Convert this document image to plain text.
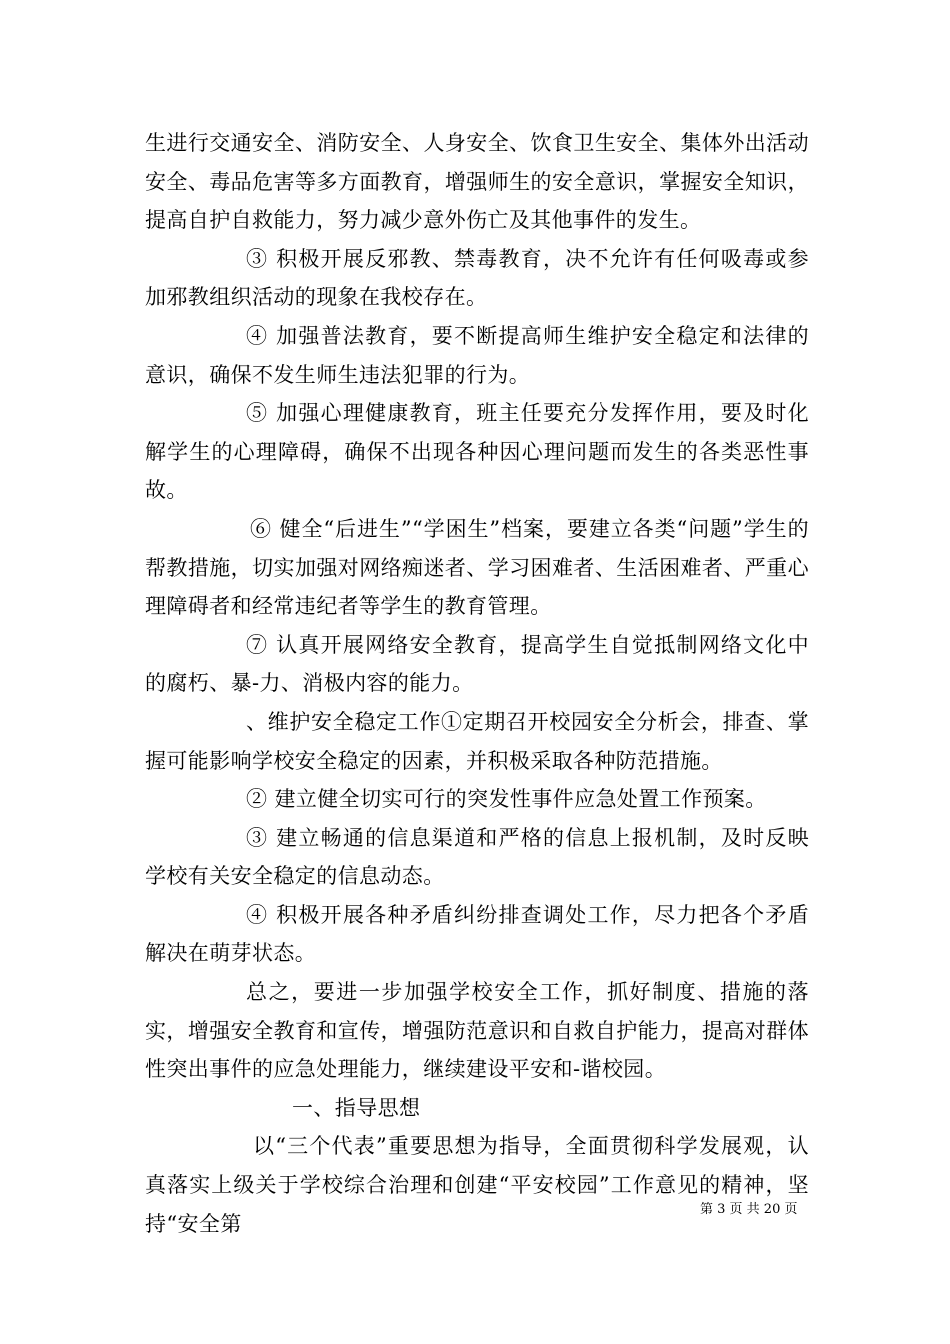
生进行交通安全、消防安全、人身安全、饮食卫生安全、集体外出活动安全、毒品危害等多方面教育，增强师生的安全意识，掌握安全知识，提高自护自救能力，努力减少意外伤亡及其他事件的发生。

③ 积极开展反邪教、禁毒教育，决不允许有任何吸毒或参加邪教组织活动的现象在我校存在。

④ 加强普法教育，要不断提高师生维护安全稳定和法律的意识，确保不发生师生违法犯罪的行为。

⑤ 加强心理健康教育，班主任要充分发挥作用，要及时化解学生的心理障碍，确保不出现各种因心理问题而发生的各类恶性事故。

⑥ 健全“后进生”“学困生”档案，要建立各类“问题”学生的帮教措施，切实加强对网络痴迷者、学习困难者、生活困难者、严重心理障碍者和经常违纪者等学生的教育管理。

⑦ 认真开展网络安全教育，提高学生自觉抵制网络文化中的腐朽、暴-力、消极内容的能力。

、维护安全稳定工作①定期召开校园安全分析会，排查、掌握可能影响学校安全稳定的因素，并积极采取各种防范措施。

② 建立健全切实可行的突发性事件应急处置工作预案。

③ 建立畅通的信息渠道和严格的信息上报机制，及时反映学校有关安全稳定的信息动态。

④ 积极开展各种矛盾纠纷排查调处工作，尽力把各个矛盾解决在萌芽状态。

总之，要进一步加强学校安全工作，抓好制度、措施的落实，增强安全教育和宣传，增强防范意识和自救自护能力，提高对群体性突出事件的应急处理能力，继续建设平安和-谐校园。

一、指导思想

以“三个代表”重要思想为指导，全面贯彻科学发展观，认真落实上级关于学校综合治理和创建“平安校园”工作意见的精神，坚持“安全第

第 3 页 共 20 页
